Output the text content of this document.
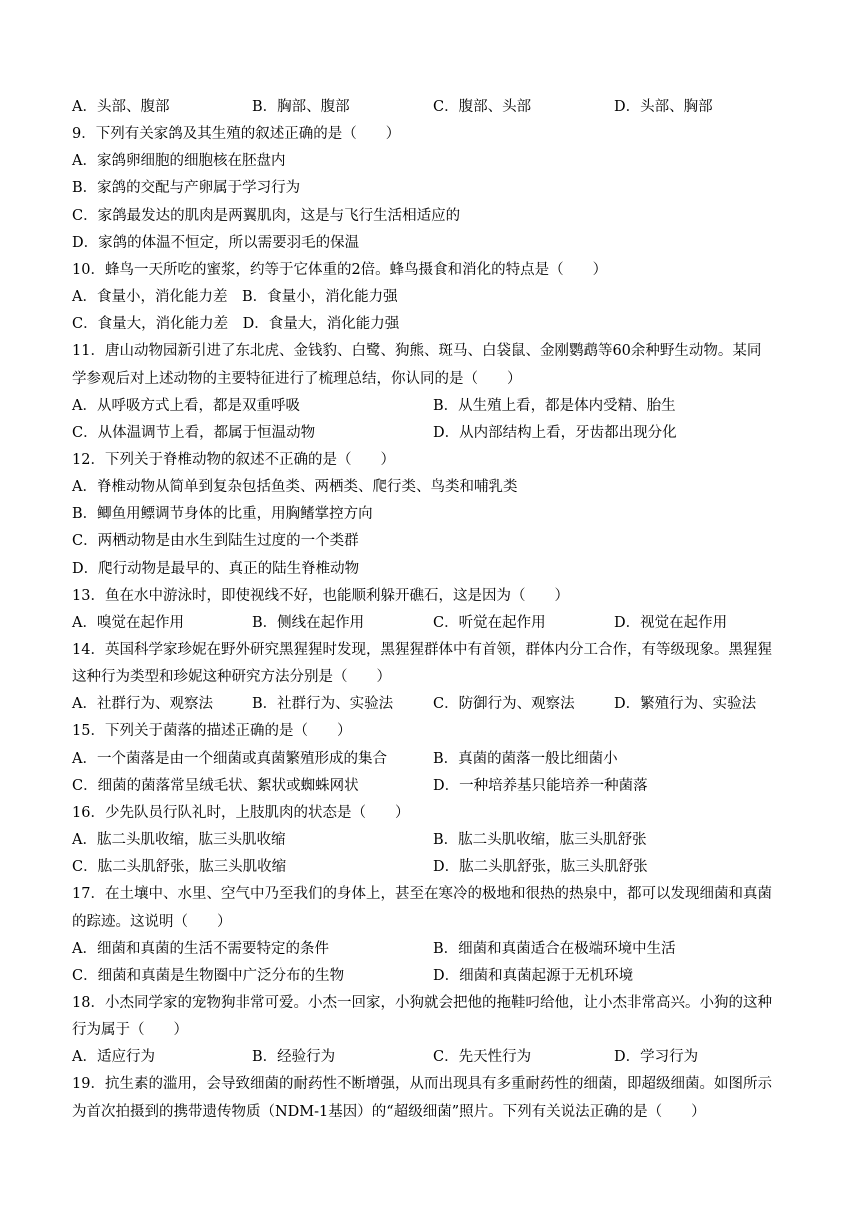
A．头部、腹部	B．胸部、腹部	C．腹部、头部	D．头部、胸部
9．下列有关家鸽及其生殖的叙述正确的是（　　）
A．家鸽卵细胞的细胞核在胚盘内
B．家鸽的交配与产卵属于学习行为
C．家鸽最发达的肌肉是两翼肌肉，这是与飞行生活相适应的
D．家鸽的体温不恒定，所以需要羽毛的保温
10．蜂鸟一天所吃的蜜浆，约等于它体重的2倍。蜂鸟摄食和消化的特点是（　　）
A．食量小，消化能力差　B．食量小，消化能力强
C．食量大，消化能力差　D．食量大，消化能力强
11．唐山动物园新引进了东北虎、金钱豹、白鹭、狗熊、斑马、白袋鼠、金刚鹦鹉等60余种野生动物。某同
学参观后对上述动物的主要特征进行了梳理总结，你认同的是（　　）
A．从呼吸方式上看，都是双重呼吸	B．从生殖上看，都是体内受精、胎生
C．从体温调节上看，都属于恒温动物	D．从内部结构上看，牙齿都出现分化
12．下列关于脊椎动物的叙述不正确的是（　　）
A．脊椎动物从简单到复杂包括鱼类、两栖类、爬行类、鸟类和哺乳类
B．鲫鱼用鳔调节身体的比重，用胸鳍掌控方向
C．两栖动物是由水生到陆生过度的一个类群
D．爬行动物是最早的、真正的陆生脊椎动物
13．鱼在水中游泳时，即使视线不好，也能顺利躲开礁石，这是因为（　　）
A．嗅觉在起作用	B．侧线在起作用	C．听觉在起作用	D．视觉在起作用
14．英国科学家珍妮在野外研究黑猩猩时发现，黑猩猩群体中有首领，群体内分工合作，有等级现象。黑猩猩
这种行为类型和珍妮这种研究方法分别是（　　）
A．社群行为、观察法	B．社群行为、实验法	C．防御行为、观察法	D．繁殖行为、实验法
15．下列关于菌落的描述正确的是（　　）
A．一个菌落是由一个细菌或真菌繁殖形成的集合	B．真菌的菌落一般比细菌小
C．细菌的菌落常呈绒毛状、絮状或蜘蛛网状	D．一种培养基只能培养一种菌落
16．少先队员行队礼时，上肢肌肉的状态是（　　）
A．肱二头肌收缩，肱三头肌收缩	B．肱二头肌收缩，肱三头肌舒张
C．肱二头肌舒张，肱三头肌收缩	D．肱二头肌舒张，肱三头肌舒张
17．在土壤中、水里、空气中乃至我们的身体上，甚至在寒冷的极地和很热的热泉中，都可以发现细菌和真菌
的踪迹。这说明（　　）
A．细菌和真菌的生活不需要特定的条件	B．细菌和真菌适合在极端环境中生活
C．细菌和真菌是生物圈中广泛分布的生物	D．细菌和真菌起源于无机环境
18．小杰同学家的宠物狗非常可爱。小杰一回家，小狗就会把他的拖鞋叼给他，让小杰非常高兴。小狗的这种
行为属于（　　）
A．适应行为	B．经验行为	C．先天性行为	D．学习行为
19．抗生素的滥用，会导致细菌的耐药性不断增强，从而出现具有多重耐药性的细菌，即超级细菌。如图所示
为首次拍摄到的携带遗传物质（NDM-1基因）的“超级细菌”照片。下列有关说法正确的是（　　）
